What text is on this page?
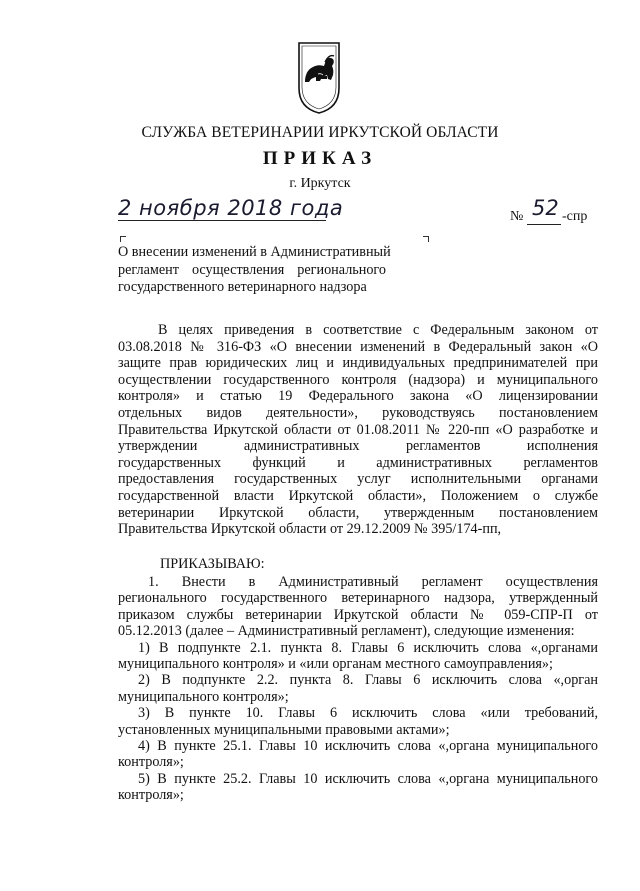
СЛУЖБА ВЕТЕРИНАРИИ ИРКУТСКОЙ ОБЛАСТИ
ПРИКАЗ
г. Иркутск
2 ноября 2018 года	№ 52 -спр
О внесении изменений в Административный
регламент осуществления регионального
государственного ветеринарного надзора
В целях приведения в соответствие с Федеральным законом от
03.08.2018 № 316-ФЗ «О внесении изменений в Федеральный закон «О
защите прав юридических лиц и индивидуальных предпринимателей при
осуществлении государственного контроля (надзора) и муниципального
контроля» и статью 19 Федерального закона «О лицензировании
отдельных видов деятельности», руководствуясь постановлением
Правительства Иркутской области от 01.08.2011 № 220-пп «О разработке и
утверждении административных регламентов исполнения
государственных функций и административных регламентов
предоставления государственных услуг исполнительными органами
государственной власти Иркутской области», Положением о службе
ветеринарии Иркутской области, утвержденным постановлением
Правительства Иркутской области от 29.12.2009 № 395/174-пп,
ПРИКАЗЫВАЮ:
1. Внести в Административный регламент осуществления
регионального государственного ветеринарного надзора, утвержденный
приказом службы ветеринарии Иркутской области № 059-СПР-П от
05.12.2013 (далее – Административный регламент), следующие изменения:
1) В подпункте 2.1. пункта 8. Главы 6 исключить слова «,органами
муниципального контроля» и «или органам местного самоуправления»;
2) В подпункте 2.2. пункта 8. Главы 6 исключить слова «,орган
муниципального контроля»;
3) В пункте 10. Главы 6 исключить слова «или требований,
установленных муниципальными правовыми актами»;
4) В пункте 25.1. Главы 10 исключить слова «,органа муниципального
контроля»;
5) В пункте 25.2. Главы 10 исключить слова «,органа муниципального
контроля»;
